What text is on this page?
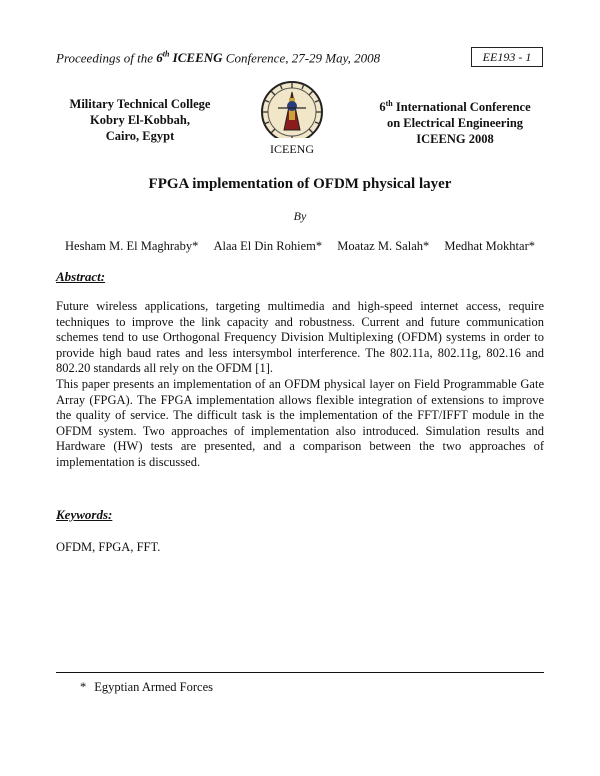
Proceedings of the 6th ICEENG Conference, 27-29 May, 2008	EE193 - 1
Military Technical College
Kobry El-Kobbah,
Cairo, Egypt
ICEENG
6th International Conference
on Electrical Engineering
ICEENG 2008
FPGA implementation of OFDM physical layer
By
Hesham M. El Maghraby* Alaa El Din Rohiem* Moataz M. Salah* Medhat Mokhtar*
Abstract:
Future wireless applications, targeting multimedia and high-speed internet access, require techniques to improve the link capacity and robustness. Current and future communication schemes tend to use Orthogonal Frequency Division Multiplexing (OFDM) systems in order to provide high baud rates and less intersymbol interference. The 802.11a, 802.11g, 802.16 and 802.20 standards all rely on the OFDM [1].
This paper presents an implementation of an OFDM physical layer on Field Programmable Gate Array (FPGA). The FPGA implementation allows flexible integration of extensions to improve the quality of service. The difficult task is the implementation of the FFT/IFFT module in the OFDM system. Two approaches of implementation also introduced. Simulation results and Hardware (HW) tests are presented, and a comparison between the two approaches of implementation is discussed.
Keywords:
OFDM, FPGA, FFT.
* Egyptian Armed Forces
